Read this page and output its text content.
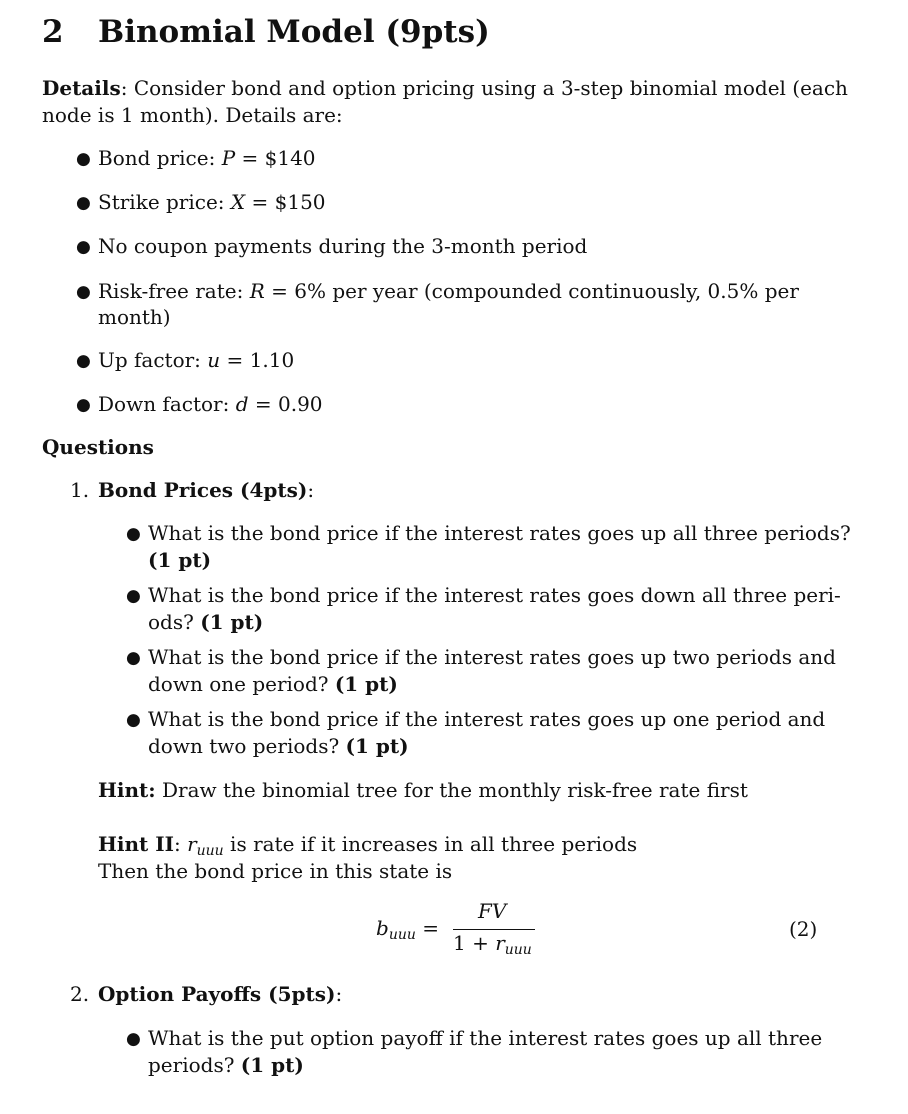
2 Binomial Model (9pts)
Details: Consider bond and option pricing using a 3-step binomial model (each
node is 1 month). Details are:
● Bond price: P = $140
● Strike price: X = $150
● No coupon payments during the 3-month period
● Risk-free rate: R = 6% per year (compounded continuously, 0.5% per
month)
● Up factor: u = 1.10
● Down factor: d = 0.90
Questions
1. Bond Prices (4pts):
● What is the bond price if the interest rates goes up all three periods?
(1 pt)
● What is the bond price if the interest rates goes down all three peri-
ods? (1 pt)
● What is the bond price if the interest rates goes up two periods and
down one period? (1 pt)
● What is the bond price if the interest rates goes up one period and
down two periods? (1 pt)
Hint: Draw the binomial tree for the monthly risk-free rate first
Hint II: $r_{uuu}$ is rate if it increases in all three periods
Then the bond price in this state is
$b_{uuu}$ =
FV
$1 + r_{uuu}$
(2)
2. Option Payoffs (5pts):
● What is the put option payoff if the interest rates goes up all three
periods? (1 pt)
